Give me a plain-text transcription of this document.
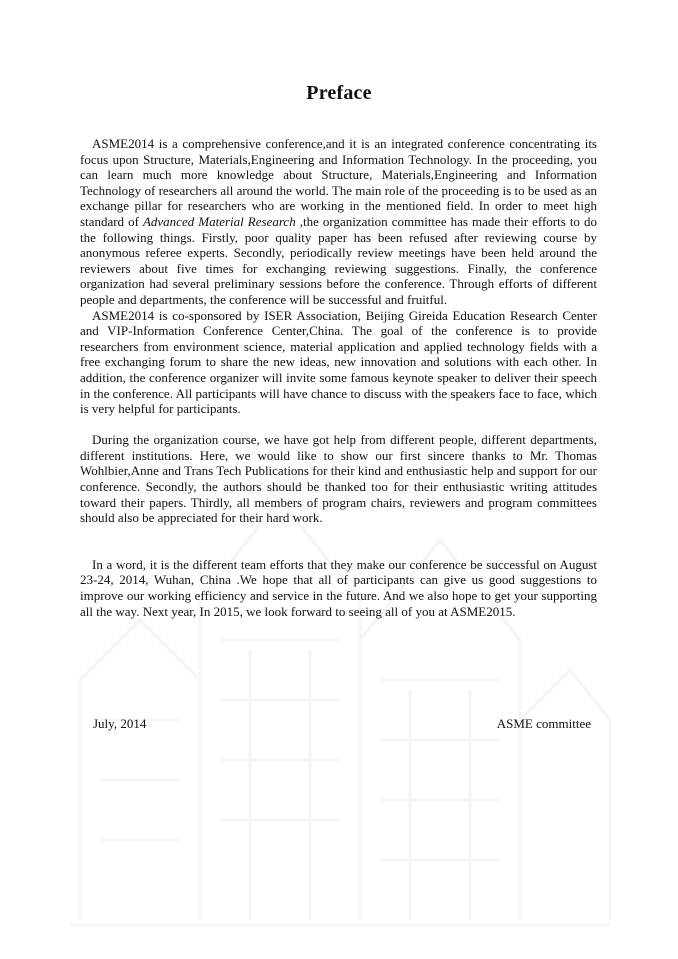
Preface

ASME2014 is a comprehensive conference,and it is an integrated conference concentrating its focus upon Structure, Materials,Engineering and Information Technology. In the proceeding, you can learn much more knowledge about Structure, Materials,Engineering and Information Technology of researchers all around the world. The main role of the proceeding is to be used as an exchange pillar for researchers who are working in the mentioned field. In order to meet high standard of Advanced Material Research ,the organization committee has made their efforts to do the following things. Firstly, poor quality paper has been refused after reviewing course by anonymous referee experts. Secondly, periodically review meetings have been held around the reviewers about five times for exchanging reviewing suggestions. Finally, the conference organization had several preliminary sessions before the conference. Through efforts of different people and departments, the conference will be successful and fruitful.

ASME2014 is co-sponsored by ISER Association, Beijing Gireida Education Research Center and VIP-Information Conference Center,China. The goal of the conference is to provide researchers from environment science, material application and applied technology fields with a free exchanging forum to share the new ideas, new innovation and solutions with each other. In addition, the conference organizer will invite some famous keynote speaker to deliver their speech in the conference. All participants will have chance to discuss with the speakers face to face, which is very helpful for participants.

During the organization course, we have got help from different people, different departments, different institutions. Here, we would like to show our first sincere thanks to Mr. Thomas Wohlbier,Anne and Trans Tech Publications for their kind and enthusiastic help and support for our conference. Secondly, the authors should be thanked too for their enthusiastic writing attitudes toward their papers. Thirdly, all members of program chairs, reviewers and program committees should also be appreciated for their hard work.

In a word, it is the different team efforts that they make our conference be successful on August 23-24, 2014, Wuhan, China .We hope that all of participants can give us good suggestions to improve our working efficiency and service in the future. And we also hope to get your supporting all the way. Next year, In 2015, we look forward to seeing all of you at ASME2015.

July, 2014	ASME committee
